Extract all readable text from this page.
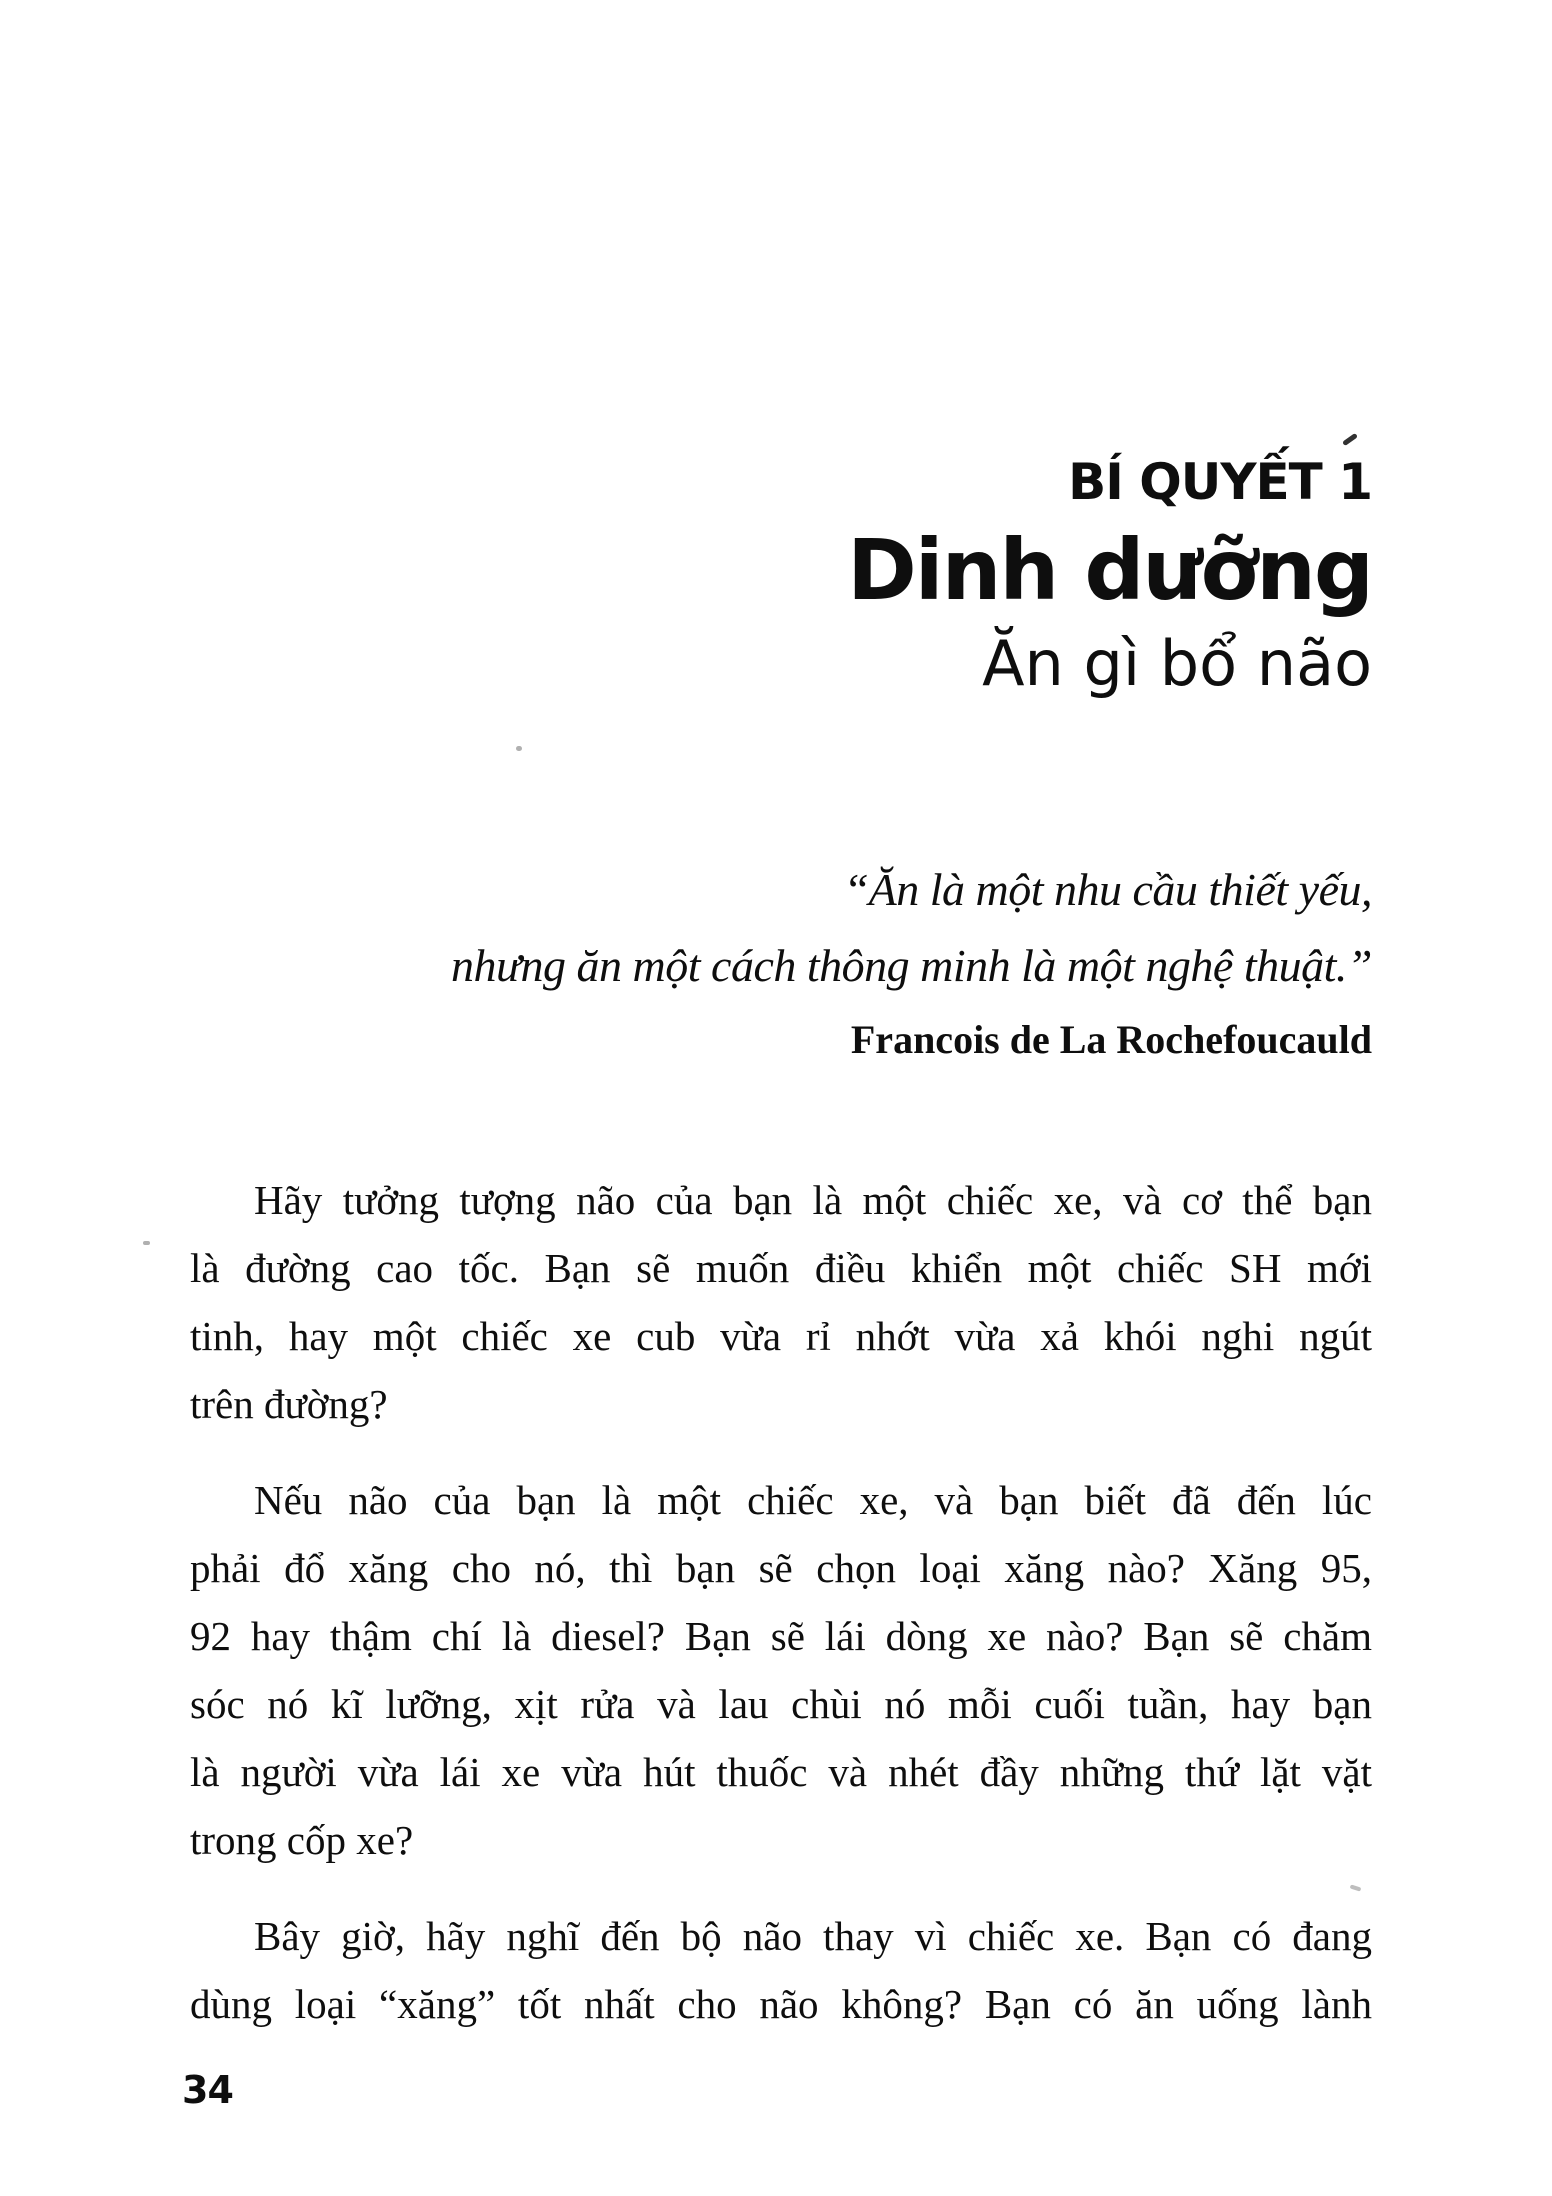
BÍ QUYẾT 1
Dinh dưỡng
Ăn gì bổ não
“Ăn là một nhu cầu thiết yếu,
nhưng ăn một cách thông minh là một nghệ thuật.”
Francois de La Rochefoucauld
Hãy tưởng tượng não của bạn là một chiếc xe, và cơ thể bạn
là đường cao tốc. Bạn sẽ muốn điều khiển một chiếc SH mới
tinh, hay một chiếc xe cub vừa rỉ nhớt vừa xả khói nghi ngút
trên đường?
Nếu não của bạn là một chiếc xe, và bạn biết đã đến lúc
phải đổ xăng cho nó, thì bạn sẽ chọn loại xăng nào? Xăng 95,
92 hay thậm chí là diesel? Bạn sẽ lái dòng xe nào? Bạn sẽ chăm
sóc nó kĩ lưỡng, xịt rửa và lau chùi nó mỗi cuối tuần, hay bạn
là người vừa lái xe vừa hút thuốc và nhét đầy những thứ lặt vặt
trong cốp xe?
Bây giờ, hãy nghĩ đến bộ não thay vì chiếc xe. Bạn có đang
dùng loại “xăng” tốt nhất cho não không? Bạn có ăn uống lành
34
